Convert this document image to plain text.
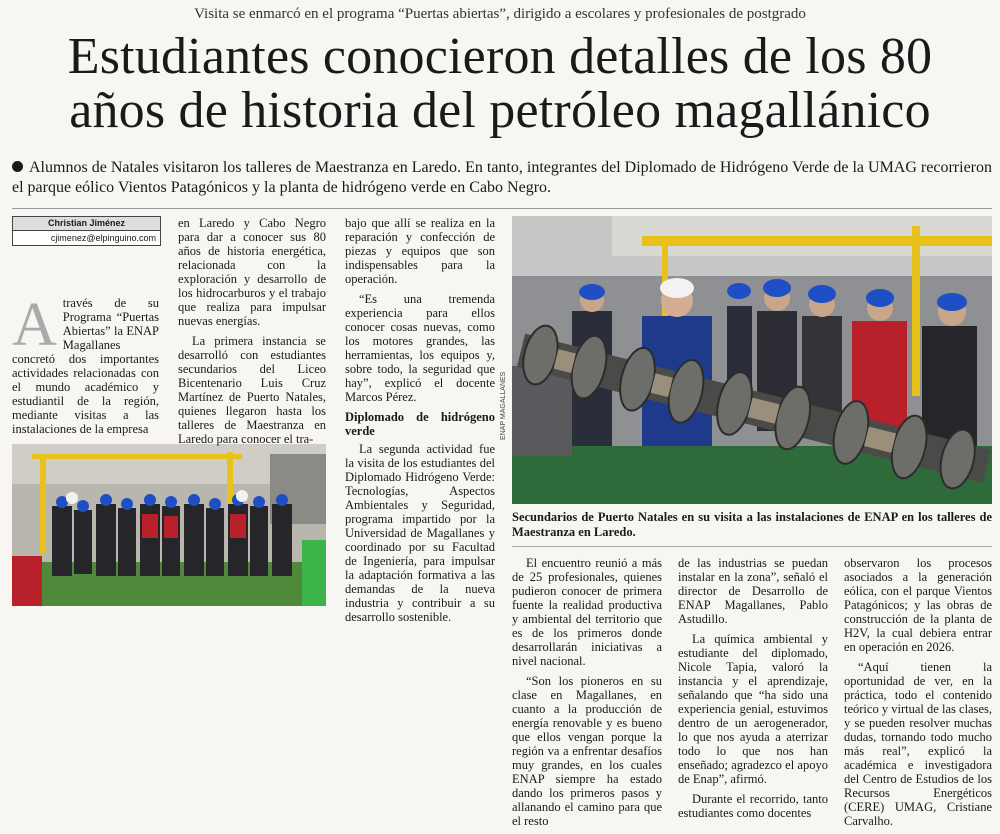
Visita se enmarcó en el programa “Puertas abiertas”, dirigido a escolares y profesionales de postgrado
Estudiantes conocieron detalles de los 80
años de historia del petróleo magallánico
Alumnos de Natales visitaron los talleres de Maestranza en Laredo. En tanto, integrantes del Diplomado de Hidrógeno Verde de la UMAG recorrieron el parque eólico Vientos Patagónicos y la planta de hidrógeno verde en Cabo Negro.
Christian Jiménez
cjimenez@elpinguino.com

Através de su Programa “Puertas Abiertas” la ENAP Magallanes concretó dos importantes actividades relacionadas con el mundo académico y estudiantil de la región, mediante visitas a las instalaciones de la empresa

en Laredo y Cabo Negro para dar a conocer sus 80 años de historia energética, relacionada con la exploración y desarrollo de los hidrocarburos y el trabajo que realiza para impulsar nuevas energías.

La primera instancia se desarrolló con estudiantes secundarios del Liceo Bicentenario Luis Cruz Martínez de Puerto Natales, quienes llegaron hasta los talleres de Maestranza en Laredo para conocer el tra-

bajo que allí se realiza en la reparación y confección de piezas y equipos que son indispensables para la operación.

“Es una tremenda experiencia para ellos conocer cosas nuevas, como los motores grandes, las herramientas, los equipos y, sobre todo, la seguridad que hay”, explicó el docente Marcos Pérez.

Diplomado de hidrógeno verde

La segunda actividad fue la visita de los estudiantes del Diplomado Hidrógeno Verde: Tecnologías, Aspectos Ambientales y Seguridad, programa impartido por la Universidad de Magallanes y coordinado por su Facultad de Ingeniería, para impulsar la adaptación formativa a las demandas de la nueva industria y contribuir a su desarrollo sostenible.

ENAP MAGALLANES
Secundarios de Puerto Natales en su visita a las instalaciones de ENAP en los talleres de Maestranza en Laredo.

El encuentro reunió a más de 25 profesionales, quienes pudieron conocer de primera fuente la realidad productiva y ambiental del territorio que es de los primeros donde desarrollarán iniciativas a nivel nacional.

“Son los pioneros en su clase en Magallanes, en cuanto a la producción de energía renovable y es bueno que ellos vengan porque la región va a enfrentar desafíos muy grandes, en los cuales ENAP siempre ha estado dando los primeros pasos y allanando el camino para que el resto

de las industrias se puedan instalar en la zona”, señaló el director de Desarrollo de ENAP Magallanes, Pablo Astudillo.

La química ambiental y estudiante del diplomado, Nicole Tapia, valoró la instancia y el aprendizaje, señalando que “ha sido una experiencia genial, estuvimos dentro de un aerogenerador, lo que nos ayuda a aterrizar todo lo que nos han enseñado; agradezco el apoyo de Enap”, afirmó.

Durante el recorrido, tanto estudiantes como docentes

observaron los procesos asociados a la generación eólica, con el parque Vientos Patagónicos; y las obras de construcción de la planta de H2V, la cual debiera entrar en operación en 2026.

“Aquí tienen la oportunidad de ver, en la práctica, todo el contenido teórico y virtual de las clases, y se pueden resolver muchas dudas, tornando todo mucho más real”, explicó la académica e investigadora del Centro de Estudios de los Recursos Energéticos (CERE) UMAG, Cristiane Carvalho.
